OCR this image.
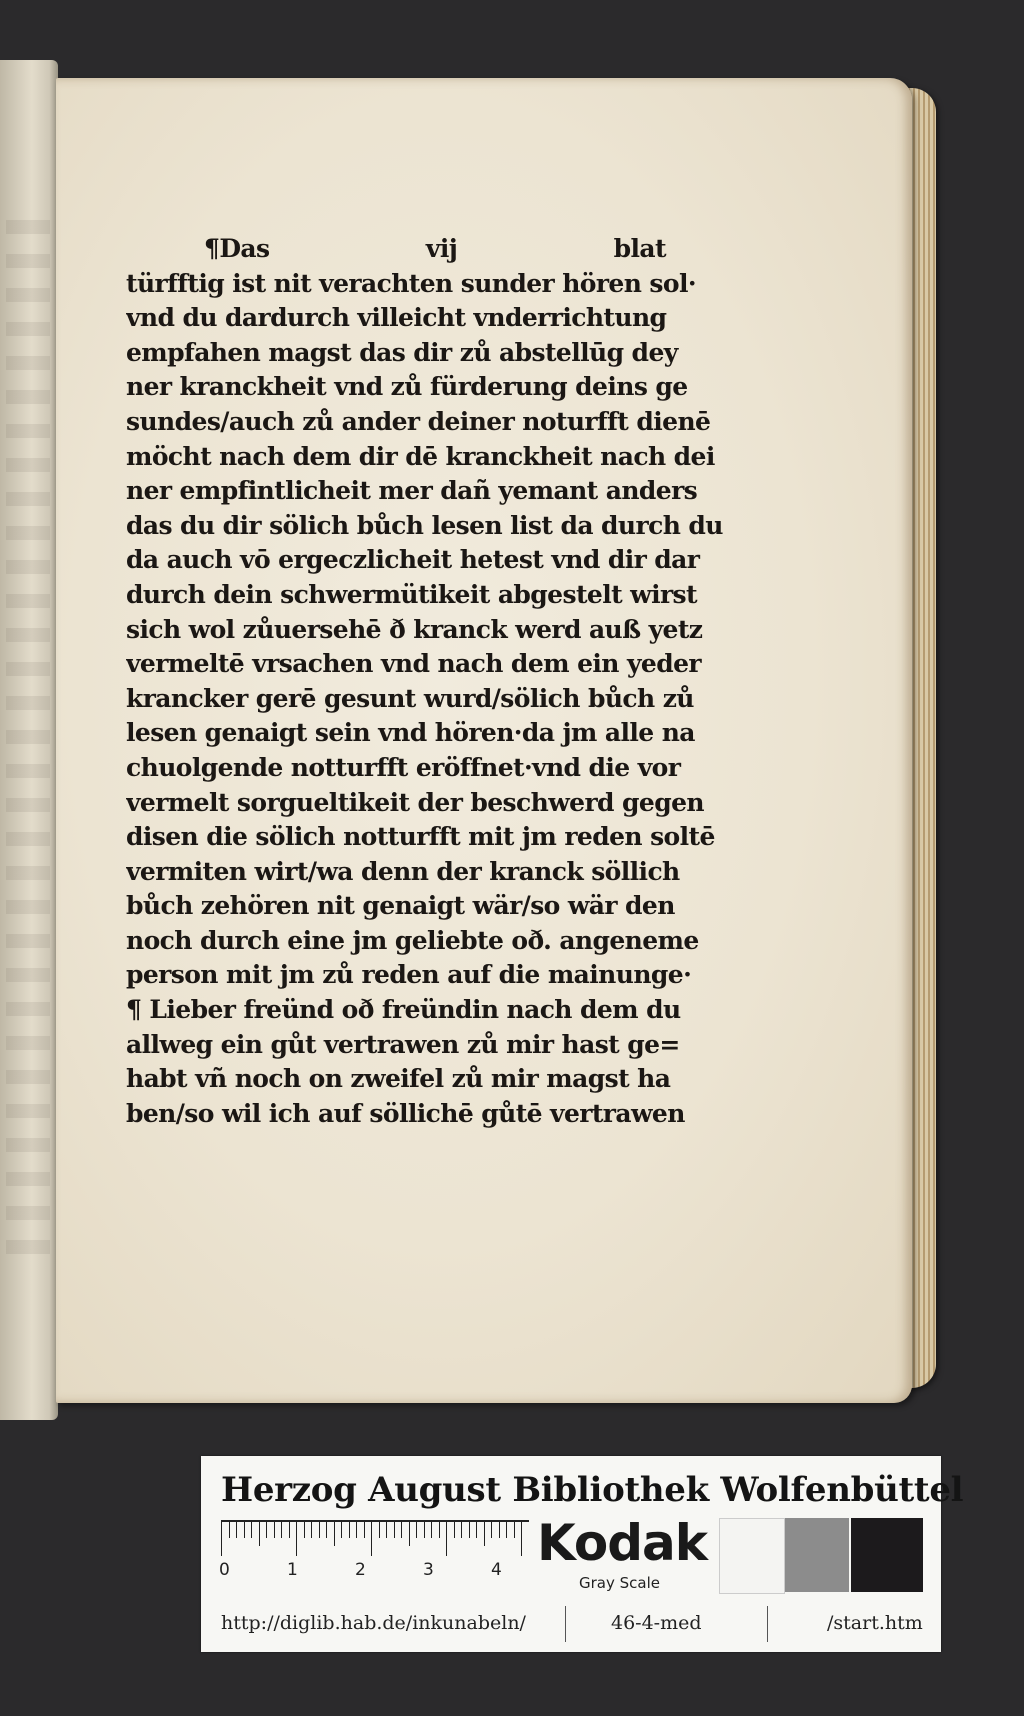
¶Das	vij	blat
türfftig ist nit verachten sunder hören sol·
vnd du dardurch villeicht vnderrichtung
empfahen magst das dir zů abstellūg dey
ner kranckheit vnd zů fürderung deins ge
sundes/auch zů ander deiner noturfft dienē
möcht nach dem dir dē kranckheit nach dei
ner empfintlicheit mer dañ yemant anders
das du dir sölich bůch lesen list da durch du
da auch vō ergeczlicheit hetest vnd dir dar
durch dein schwermütikeit abgestelt wirst
sich wol zůuersehē ð kranck werd auß yetz
vermeltē vrsachen vnd nach dem ein yeder
krancker gerē gesunt wurd/sölich bůch zů
lesen genaigt sein vnd hören·da jm alle na
chuolgende notturfft eröffnet·vnd die vor
vermelt sorgueltikeit der beschwerd gegen
disen die sölich notturfft mit jm reden soltē
vermiten wirt/wa denn der kranck söllich
bůch zehören nit genaigt wär/so wär den
noch durch eine jm geliebte oð. angeneme
person mit jm zů reden auf die mainunge·
¶ Lieber freünd oð freündin nach dem du
allweg ein gůt vertrawen zů mir hast ge=
habt vñ noch on zweifel zů mir magst ha
ben/so wil ich auf söllichē gůtē vertrawen
Herzog August Bibliothek Wolfenbüttel
0	1	2	3	4 Kodak
Gray Scale
http://diglib.hab.de/inkunabeln/	46-4-med	/start.htm
